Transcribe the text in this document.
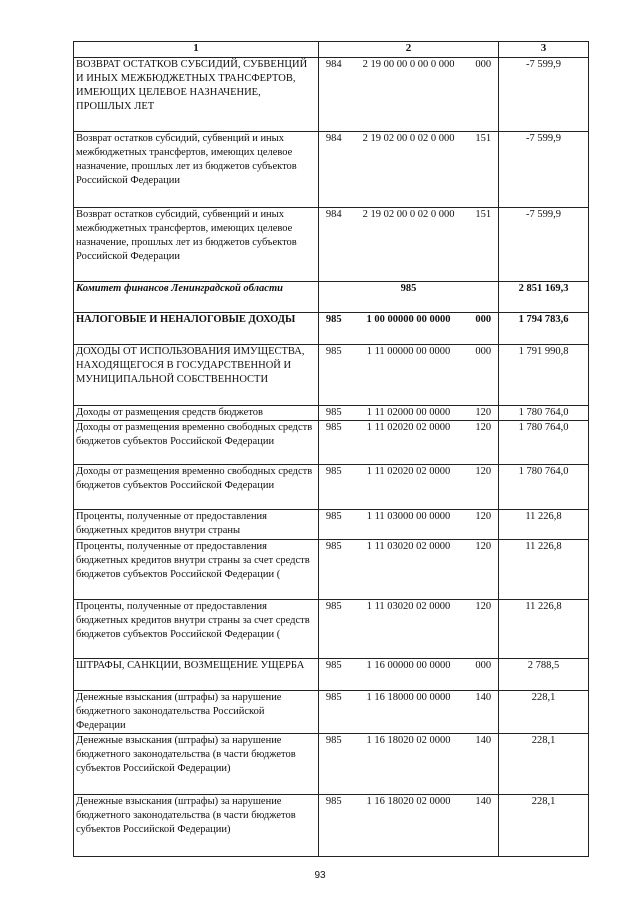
1	2			3
ВОЗВРАТ ОСТАТКОВ СУБСИДИЙ, СУБВЕНЦИЙ И ИНЫХ МЕЖБЮДЖЕТНЫХ ТРАНСФЕРТОВ, ИМЕЮЩИХ ЦЕЛЕВОЕ НАЗНАЧЕНИЕ, ПРОШЛЫХ ЛЕТ	984	2 19 00 00 0 00 0 000	000	-7 599,9
Возврат остатков субсидий, субвенций и иных межбюджетных трансфертов, имеющих целевое назначение, прошлых лет из бюджетов субъектов Российской Федерации	984	2 19 02 00 0 02 0 000	151	-7 599,9
Возврат остатков субсидий, субвенций и иных межбюджетных трансфертов, имеющих целевое назначение, прошлых лет из бюджетов субъектов Российской Федерации	984	2 19 02 00 0 02 0 000	151	-7 599,9
Комитет финансов Ленинградской области	985			2 851 169,3
НАЛОГОВЫЕ И НЕНАЛОГОВЫЕ ДОХОДЫ	985	1 00 00000 00 0000	000	1 794 783,6
ДОХОДЫ ОТ ИСПОЛЬЗОВАНИЯ ИМУЩЕСТВА, НАХОДЯЩЕГОСЯ В ГОСУДАРСТВЕННОЙ И МУНИЦИПАЛЬНОЙ СОБСТВЕННОСТИ	985	1 11 00000 00 0000	000	1 791 990,8
Доходы от размещения средств бюджетов	985	1 11 02000 00 0000	120	1 780 764,0
Доходы от размещения временно свободных средств бюджетов субъектов Российской Федерации	985	1 11 02020 02 0000	120	1 780 764,0
Доходы от размещения временно свободных средств бюджетов субъектов Российской Федерации	985	1 11 02020 02 0000	120	1 780 764,0
Проценты, полученные от предоставления бюджетных кредитов внутри страны	985	1 11 03000 00 0000	120	11 226,8
Проценты, полученные от предоставления бюджетных кредитов внутри страны за счет средств бюджетов субъектов Российской Федерации (	985	1 11 03020 02 0000	120	11 226,8
Проценты, полученные от предоставления бюджетных кредитов внутри страны за счет средств бюджетов субъектов Российской Федерации (	985	1 11 03020 02 0000	120	11 226,8
ШТРАФЫ, САНКЦИИ, ВОЗМЕЩЕНИЕ УЩЕРБА	985	1 16 00000 00 0000	000	2 788,5
Денежные взыскания (штрафы) за нарушение бюджетного законодательства Российской Федерации	985	1 16 18000 00 0000	140	228,1
Денежные взыскания (штрафы) за нарушение бюджетного законодательства (в части бюджетов субъектов Российской Федерации)	985	1 16 18020 02 0000	140	228,1
Денежные взыскания (штрафы) за нарушение бюджетного законодательства (в части бюджетов субъектов Российской Федерации)	985	1 16 18020 02 0000	140	228,1
93
